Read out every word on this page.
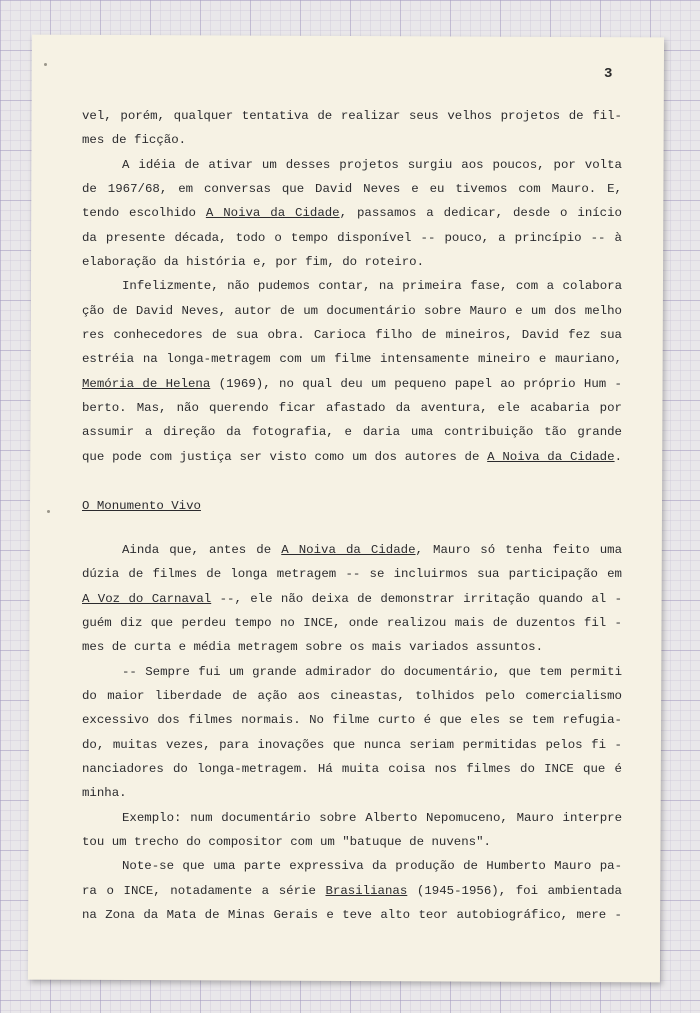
3
vel, porém, qualquer tentativa de realizar seus velhos projetos de fil-
mes de ficção.
A idéia de ativar um desses projetos surgiu aos poucos, por volta
de 1967/68, em conversas que David Neves e eu tivemos com Mauro. E,
tendo escolhido A Noiva da Cidade, passamos a dedicar, desde o início
da presente década, todo o tempo disponível -- pouco, a princípio -- à
elaboração da história e, por fim, do roteiro.
Infelizmente, não pudemos contar, na primeira fase, com a colabora
ção de David Neves, autor de um documentário sobre Mauro e um dos melho
res conhecedores de sua obra. Carioca filho de mineiros, David fez sua
estréia na longa-metragem com um filme intensamente mineiro e mauriano,
Memória de Helena (1969), no qual deu um pequeno papel ao próprio Hum -
berto. Mas, não querendo ficar afastado da aventura, ele acabaria por
assumir a direção da fotografia, e daria uma contribuição tão grande
que pode com justiça ser visto como um dos autores de A Noiva da Cidade.
O Monumento Vivo
Ainda que, antes de A Noiva da Cidade, Mauro só tenha feito uma
dúzia de filmes de longa metragem -- se incluirmos sua participação em
A Voz do Carnaval --, ele não deixa de demonstrar irritação quando al -
guém diz que perdeu tempo no INCE, onde realizou mais de duzentos fil -
mes de curta e média metragem sobre os mais variados assuntos.
-- Sempre fui um grande admirador do documentário, que tem permiti
do maior liberdade de ação aos cineastas, tolhidos pelo comercialismo
excessivo dos filmes normais. No filme curto é que eles se tem refugia-
do, muitas vezes, para inovações que nunca seriam permitidas pelos fi -
nanciadores do longa-metragem. Há muita coisa nos filmes do INCE que é
minha.
Exemplo: num documentário sobre Alberto Nepomuceno, Mauro interpre
tou um trecho do compositor com um "batuque de nuvens".
Note-se que uma parte expressiva da produção de Humberto Mauro pa-
ra o INCE, notadamente a série Brasilianas (1945-1956), foi ambientada
na Zona da Mata de Minas Gerais e teve alto teor autobiográfico, mere -
